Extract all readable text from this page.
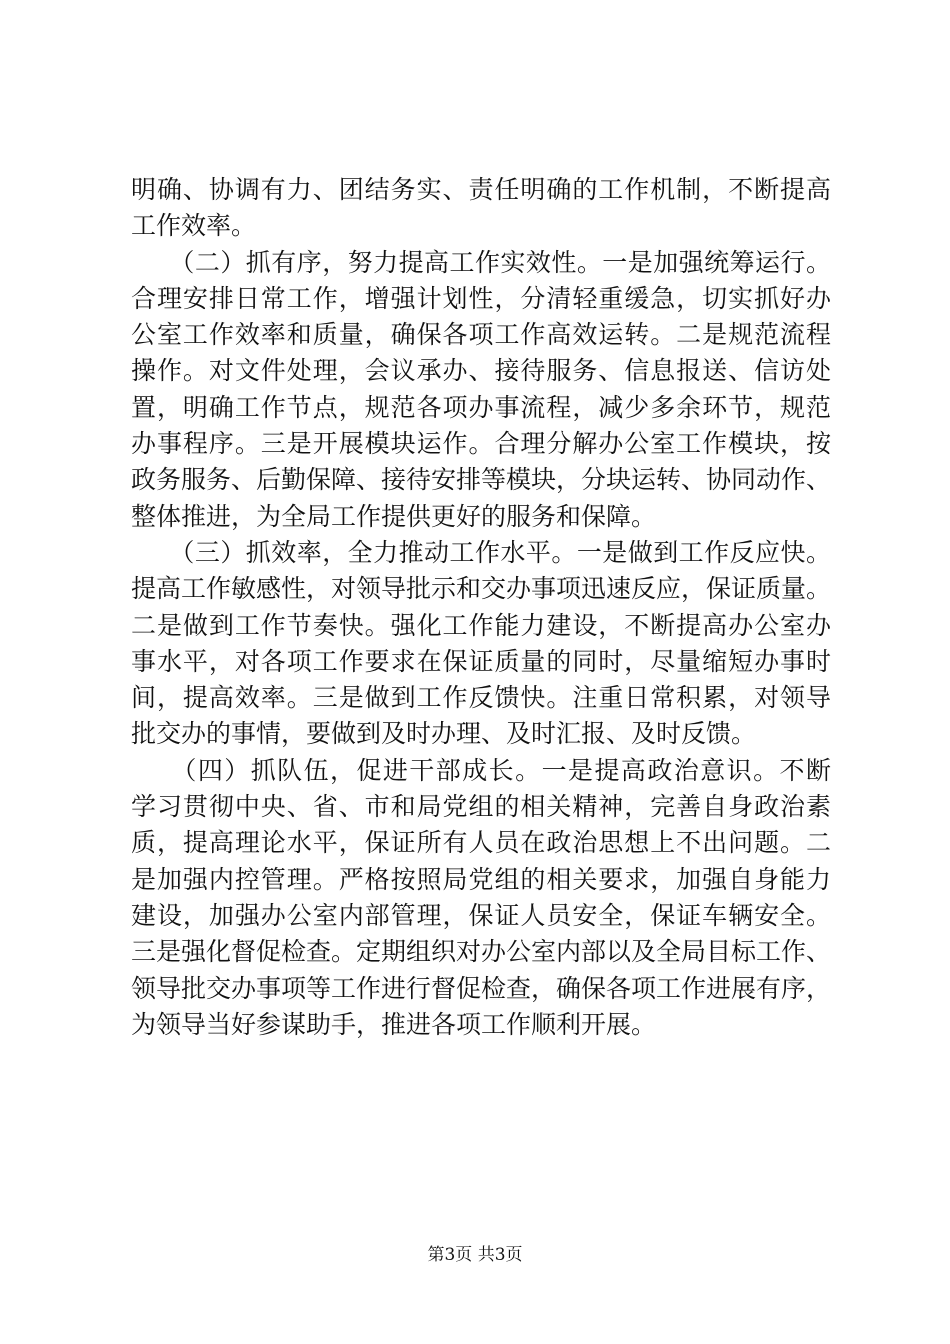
明确、协调有力、团结务实、责任明确的工作机制，不断提高
工作效率。
　　（二）抓有序，努力提高工作实效性。一是加强统筹运行。
合理安排日常工作，增强计划性，分清轻重缓急，切实抓好办
公室工作效率和质量，确保各项工作高效运转。二是规范流程
操作。对文件处理，会议承办、接待服务、信息报送、信访处
置，明确工作节点，规范各项办事流程，减少多余环节，规范
办事程序。三是开展模块运作。合理分解办公室工作模块，按
政务服务、后勤保障、接待安排等模块，分块运转、协同动作、
整体推进，为全局工作提供更好的服务和保障。
　　（三）抓效率，全力推动工作水平。一是做到工作反应快。
提高工作敏感性，对领导批示和交办事项迅速反应，保证质量。
二是做到工作节奏快。强化工作能力建设，不断提高办公室办
事水平，对各项工作要求在保证质量的同时，尽量缩短办事时
间，提高效率。三是做到工作反馈快。注重日常积累，对领导
批交办的事情，要做到及时办理、及时汇报、及时反馈。
　　（四）抓队伍，促进干部成长。一是提高政治意识。不断
学习贯彻中央、省、市和局党组的相关精神，完善自身政治素
质，提高理论水平，保证所有人员在政治思想上不出问题。二
是加强内控管理。严格按照局党组的相关要求，加强自身能力
建设，加强办公室内部管理，保证人员安全，保证车辆安全。
三是强化督促检查。定期组织对办公室内部以及全局目标工作、
领导批交办事项等工作进行督促检查，确保各项工作进展有序，
为领导当好参谋助手，推进各项工作顺利开展。
第3页 共3页
